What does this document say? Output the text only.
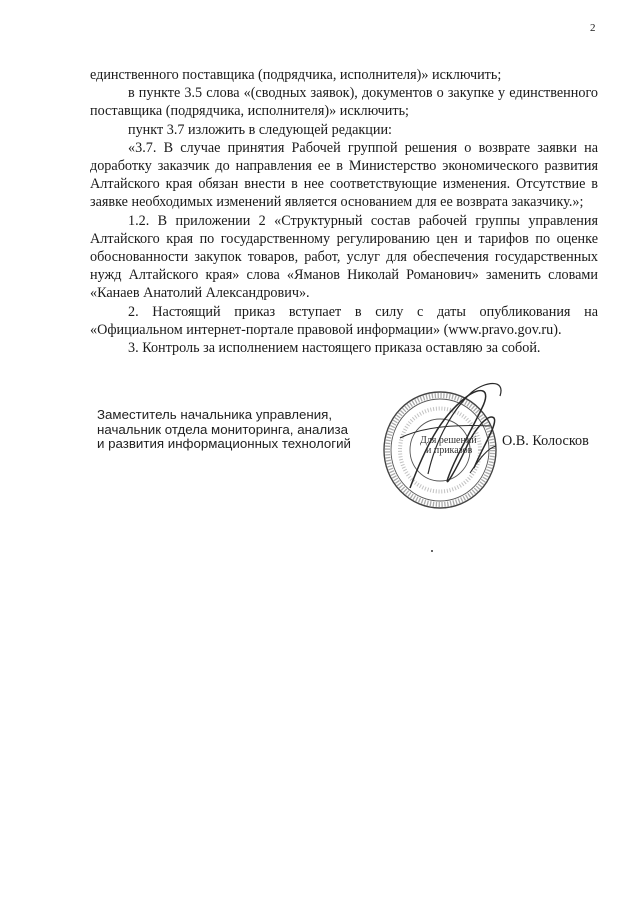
2

единственного поставщика (подрядчика, исполнителя)» исключить;

в пункте 3.5 слова «(сводных заявок), документов о закупке у единственного поставщика (подрядчика, исполнителя)» исключить;

пункт 3.7 изложить в следующей редакции:

«3.7. В случае принятия Рабочей группой решения о возврате заявки на доработку заказчик до направления ее в Министерство экономического развития Алтайского края обязан внести в нее соответствующие изменения. Отсутствие в заявке необходимых изменений является основанием для ее возврата заказчику.»;

1.2. В приложении 2 «Структурный состав рабочей группы управления Алтайского края по государственному регулированию цен и тарифов по оценке обоснованности закупок товаров, работ, услуг для обеспечения государственных нужд Алтайского края» слова «Яманов Николай Романович» заменить словами «Канаев Анатолий Александрович».

2. Настоящий приказ вступает в силу с даты опубликования на «Официальном интернет-портале правовой информации» (www.pravo.gov.ru).

3. Контроль за исполнением настоящего приказа оставляю за собой.

Заместитель начальника управления,
начальник отдела мониторинга, анализа
и развития информационных технологий	Для решений
и приказов
О.В. Колосков
